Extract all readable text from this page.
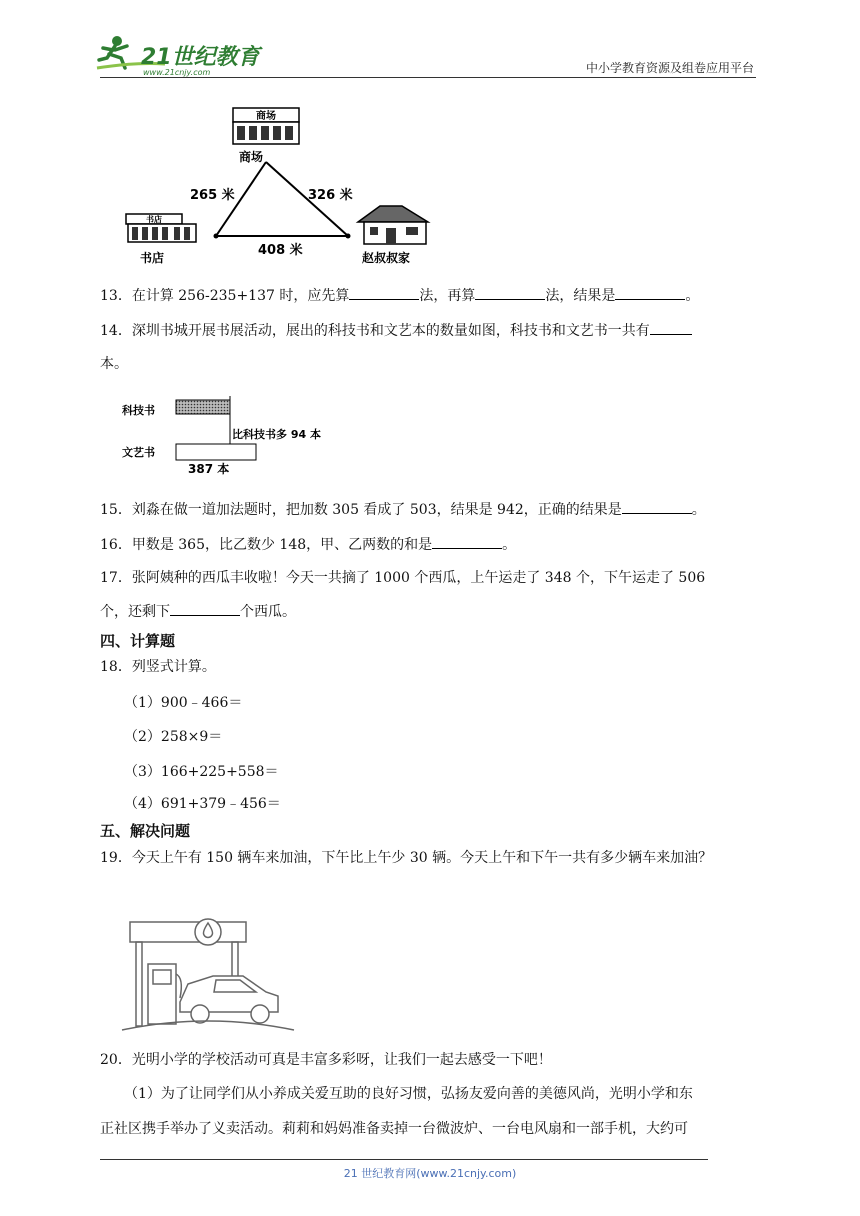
21世纪教育
www.21cnjy.com	中小学教育资源及组卷应用平台
商场
商场
265 米	326 米
408 米
书店
书店	赵叔叔家
13．在计算 256-235+137 时，应先算	法，再算	法，结果是	。
14．深圳书城开展书展活动，展出的科技书和文艺本的数量如图，科技书和文艺书一共有
本。
科技书
比科技书多 94 本
文艺书
387 本
15．刘淼在做一道加法题时，把加数 305 看成了 503，结果是 942，正确的结果是	。
16．甲数是 365，比乙数少 148，甲、乙两数的和是	。
17．张阿姨种的西瓜丰收啦！今天一共摘了 1000 个西瓜，上午运走了 348 个，下午运走了 506
个，还剩下	个西瓜。
四、计算题
18．列竖式计算。
（1）900﹣466＝
（2）258×9＝
（3）166+225+558＝
（4）691+379﹣456＝
五、解决问题
19．今天上午有 150 辆车来加油，下午比上午少 30 辆。今天上午和下午一共有多少辆车来加油？
20．光明小学的学校活动可真是丰富多彩呀，让我们一起去感受一下吧！
（1）为了让同学们从小养成关爱互助的良好习惯，弘扬友爱向善的美德风尚，光明小学和东
正社区携手举办了义卖活动。莉莉和妈妈准备卖掉一台微波炉、一台电风扇和一部手机，大约可
21 世纪教育网(www.21cnjy.com)
